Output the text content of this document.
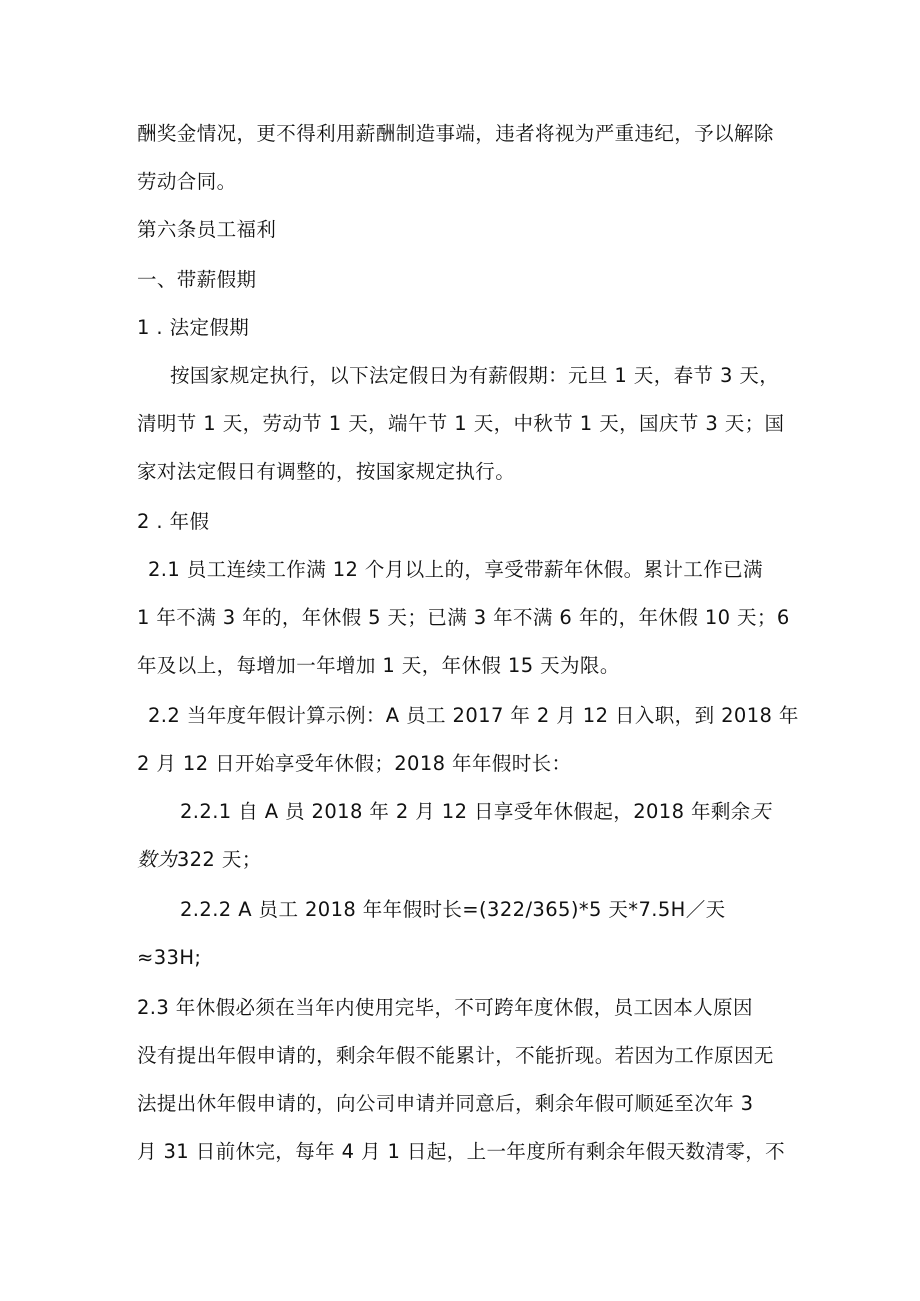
酬奖金情况，更不得利用薪酬制造事端，违者将视为严重违纪，予以解除
劳动合同。
第六条员工福利
一、带薪假期
1 . 法定假期
按国家规定执行，以下法定假日为有薪假期：元旦 1 天，春节 3 天，
清明节 1 天，劳动节 1 天，端午节 1 天，中秋节 1 天，国庆节 3 天；国
家对法定假日有调整的，按国家规定执行。
2 . 年假
2.1 员工连续工作满 12 个月以上的，享受带薪年休假。累计工作已满
1 年不满 3 年的，年休假 5 天；已满 3 年不满 6 年的，年休假 10 天；6
年及以上，每增加一年增加 1 天，年休假 15 天为限。
2.2 当年度年假计算示例：A 员工 2017 年 2 月 12 日入职，到 2018 年
2 月 12 日开始享受年休假；2018 年年假时长：
2.2.1 自 A 员 2018 年 2 月 12 日享受年休假起，2018 年剩余天
数为322 天；
2.2.2 A 员工 2018 年年假时长=(322/365)*5 天*7.5H／天
≈33H;
2.3 年休假必须在当年内使用完毕，不可跨年度休假，员工因本人原因
没有提出年假申请的，剩余年假不能累计，不能折现。若因为工作原因无
法提出休年假申请的，向公司申请并同意后，剩余年假可顺延至次年 3
月 31 日前休完，每年 4 月 1 日起，上一年度所有剩余年假天数清零，不
